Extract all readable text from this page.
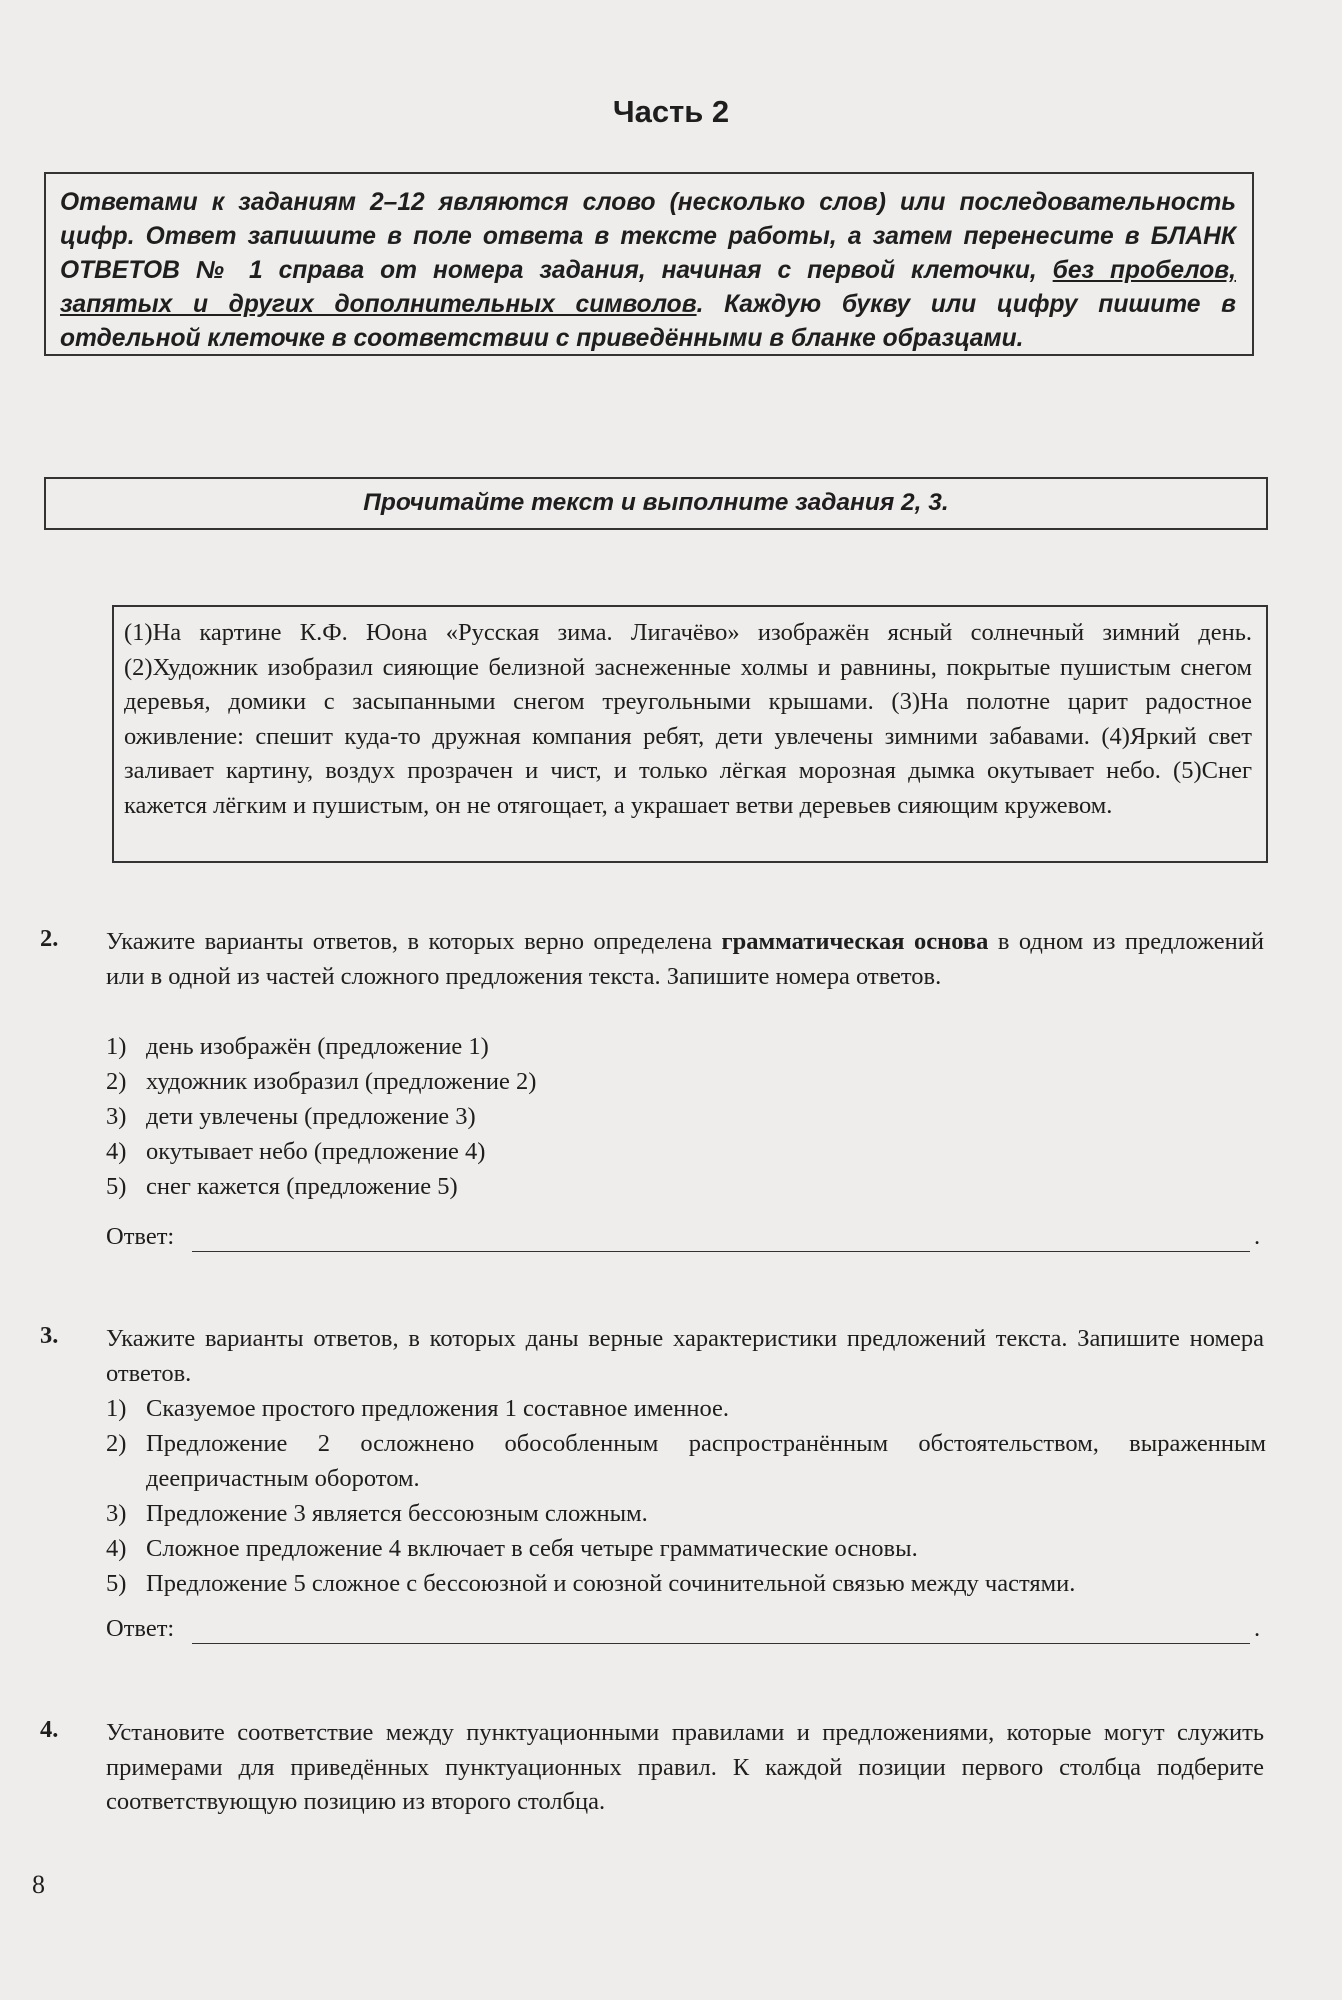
Часть 2
Ответами к заданиям 2–12 являются слово (несколько слов) или последовательность цифр. Ответ запишите в поле ответа в тексте работы, а затем перенесите в БЛАНК ОТВЕТОВ № 1 справа от номера задания, начиная с первой клеточки, без пробелов, запятых и других дополнительных символов. Каждую букву или цифру пишите в отдельной клеточке в соответствии с приведёнными в бланке образцами.
Прочитайте текст и выполните задания 2, 3.
(1)На картине К.Ф. Юона «Русская зима. Лигачёво» изображён ясный солнечный зимний день. (2)Художник изобразил сияющие белизной заснеженные холмы и равнины, покрытые пушистым снегом деревья, домики с засыпанными снегом треугольными крышами. (3)На полотне царит радостное оживление: спешит куда-то дружная компания ребят, дети увлечены зимними забавами. (4)Яркий свет заливает картину, воздух прозрачен и чист, и только лёгкая морозная дымка окутывает небо. (5)Снег кажется лёгким и пушистым, он не отягощает, а украшает ветви деревьев сияющим кружевом.
2. Укажите варианты ответов, в которых верно определена грамматическая основа в одном из предложений или в одной из частей сложного предложения текста. Запишите номера ответов.
1) день изображён (предложение 1)
2) художник изобразил (предложение 2)
3) дети увлечены (предложение 3)
4) окутывает небо (предложение 4)
5) снег кажется (предложение 5)
Ответ:	.
3. Укажите варианты ответов, в которых даны верные характеристики предложений текста. Запишите номера ответов.
1) Сказуемое простого предложения 1 составное именное.
2) Предложение 2 осложнено обособленным распространённым обстоятельством, выраженным деепричастным оборотом.
3) Предложение 3 является бессоюзным сложным.
4) Сложное предложение 4 включает в себя четыре грамматические основы.
5) Предложение 5 сложное с бессоюзной и союзной сочинительной связью между частями.
Ответ:	.
4. Установите соответствие между пунктуационными правилами и предложениями, которые могут служить примерами для приведённых пунктуационных правил. К каждой позиции первого столбца подберите соответствующую позицию из второго столбца.
8
